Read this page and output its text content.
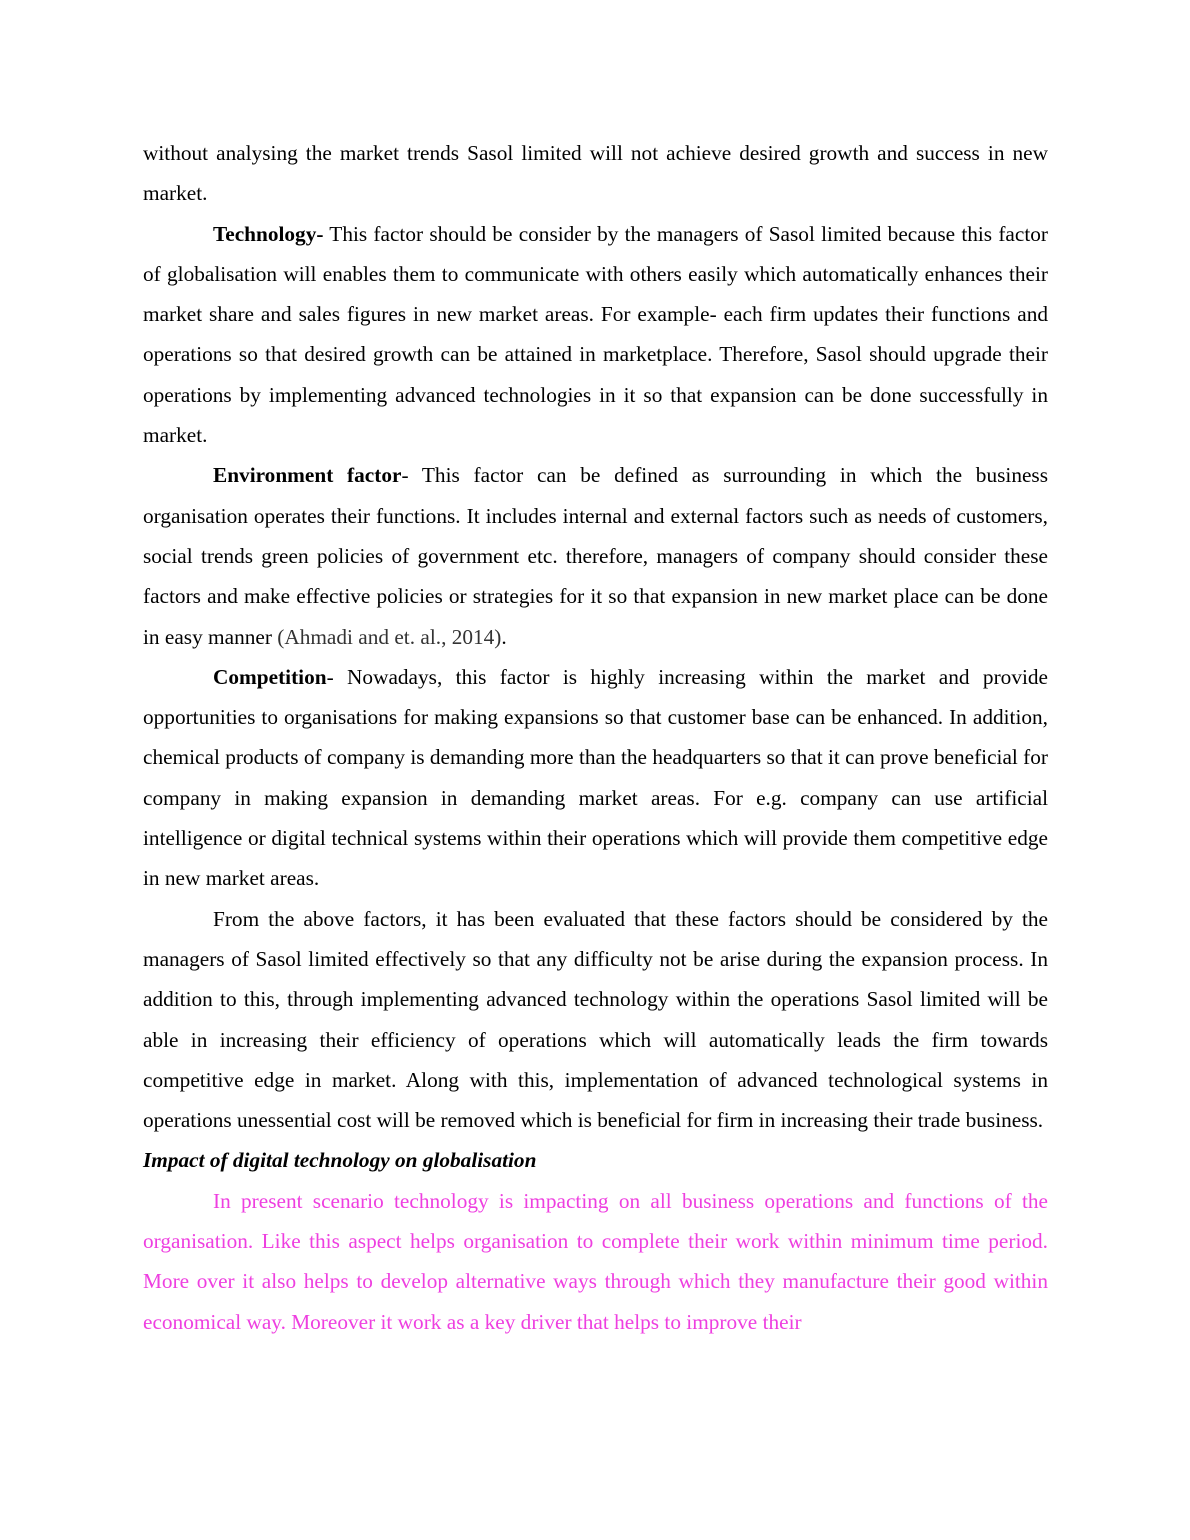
without analysing the market trends Sasol limited will not achieve desired growth and success in new market.

Technology- This factor should be consider by the managers of Sasol limited because this factor of globalisation will enables them to communicate with others easily which automatically enhances their market share and sales figures in new market areas. For example- each firm updates their functions and operations so that desired growth can be attained in marketplace. Therefore, Sasol should upgrade their operations by implementing advanced technologies in it so that expansion can be done successfully in market.

Environment factor- This factor can be defined as surrounding in which the business organisation operates their functions. It includes internal and external factors such as needs of customers, social trends green policies of government etc. therefore, managers of company should consider these factors and make effective policies or strategies for it so that expansion in new market place can be done in easy manner (Ahmadi and et. al., 2014).

Competition- Nowadays, this factor is highly increasing within the market and provide opportunities to organisations for making expansions so that customer base can be enhanced. In addition, chemical products of company is demanding more than the headquarters so that it can prove beneficial for company in making expansion in demanding market areas. For e.g. company can use artificial intelligence or digital technical systems within their operations which will provide them competitive edge in new market areas.

From the above factors, it has been evaluated that these factors should be considered by the managers of Sasol limited effectively so that any difficulty not be arise during the expansion process. In addition to this, through implementing advanced technology within the operations Sasol limited will be able in increasing their efficiency of operations which will automatically leads the firm towards competitive edge in market. Along with this, implementation of advanced technological systems in operations unessential cost will be removed which is beneficial for firm in increasing their trade business.

Impact of digital technology on globalisation

In present scenario technology is impacting on all business operations and functions of the organisation. Like this aspect helps organisation to complete their work within minimum time period. More over it also helps to develop alternative ways through which they manufacture their good within economical way. Moreover it work as a key driver that helps to improve their
